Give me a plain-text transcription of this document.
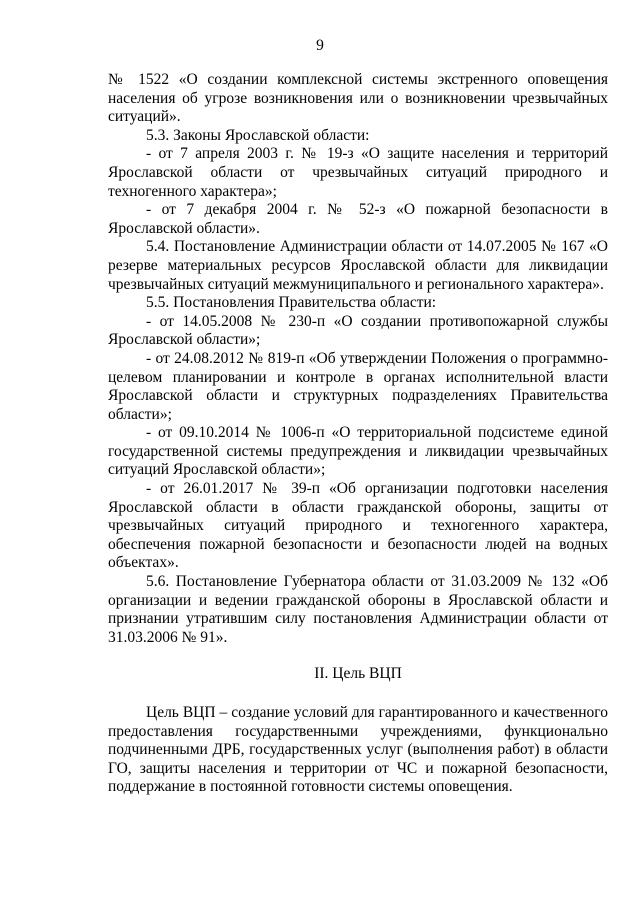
9

№ 1522 «О создании комплексной системы экстренного оповещения населения об угрозе возникновения или о возникновении чрезвычайных ситуаций».

5.3. Законы Ярославской области:

- от 7 апреля 2003 г. № 19-з «О защите населения и территорий Ярославской области от чрезвычайных ситуаций природного и техногенного характера»;

- от 7 декабря 2004 г. № 52-з «О пожарной безопасности в Ярославской области».

5.4. Постановление Администрации области от 14.07.2005 № 167 «О резерве материальных ресурсов Ярославской области для ликвидации чрезвычайных ситуаций межмуниципального и регионального характера».

5.5. Постановления Правительства области:

- от 14.05.2008 № 230-п «О создании противопожарной службы Ярославской области»;

- от 24.08.2012 № 819-п «Об утверждении Положения о программно-целевом планировании и контроле в органах исполнительной власти Ярославской области и структурных подразделениях Правительства области»;

- от 09.10.2014 № 1006-п «О территориальной подсистеме единой государственной системы предупреждения и ликвидации чрезвычайных ситуаций Ярославской области»;

- от 26.01.2017 № 39-п «Об организации подготовки населения Ярославской области в области гражданской обороны, защиты от чрезвычайных ситуаций природного и техногенного характера, обеспечения пожарной безопасности и безопасности людей на водных объектах».

5.6. Постановление Губернатора области от 31.03.2009 № 132 «Об организации и ведении гражданской обороны в Ярославской области и признании утратившим силу постановления Администрации области от 31.03.2006 № 91».

II. Цель ВЦП

Цель ВЦП – создание условий для гарантированного и качественного предоставления государственными учреждениями, функционально подчиненными ДРБ, государственных услуг (выполнения работ) в области ГО, защиты населения и территории от ЧС и пожарной безопасности, поддержание в постоянной готовности системы оповещения.
